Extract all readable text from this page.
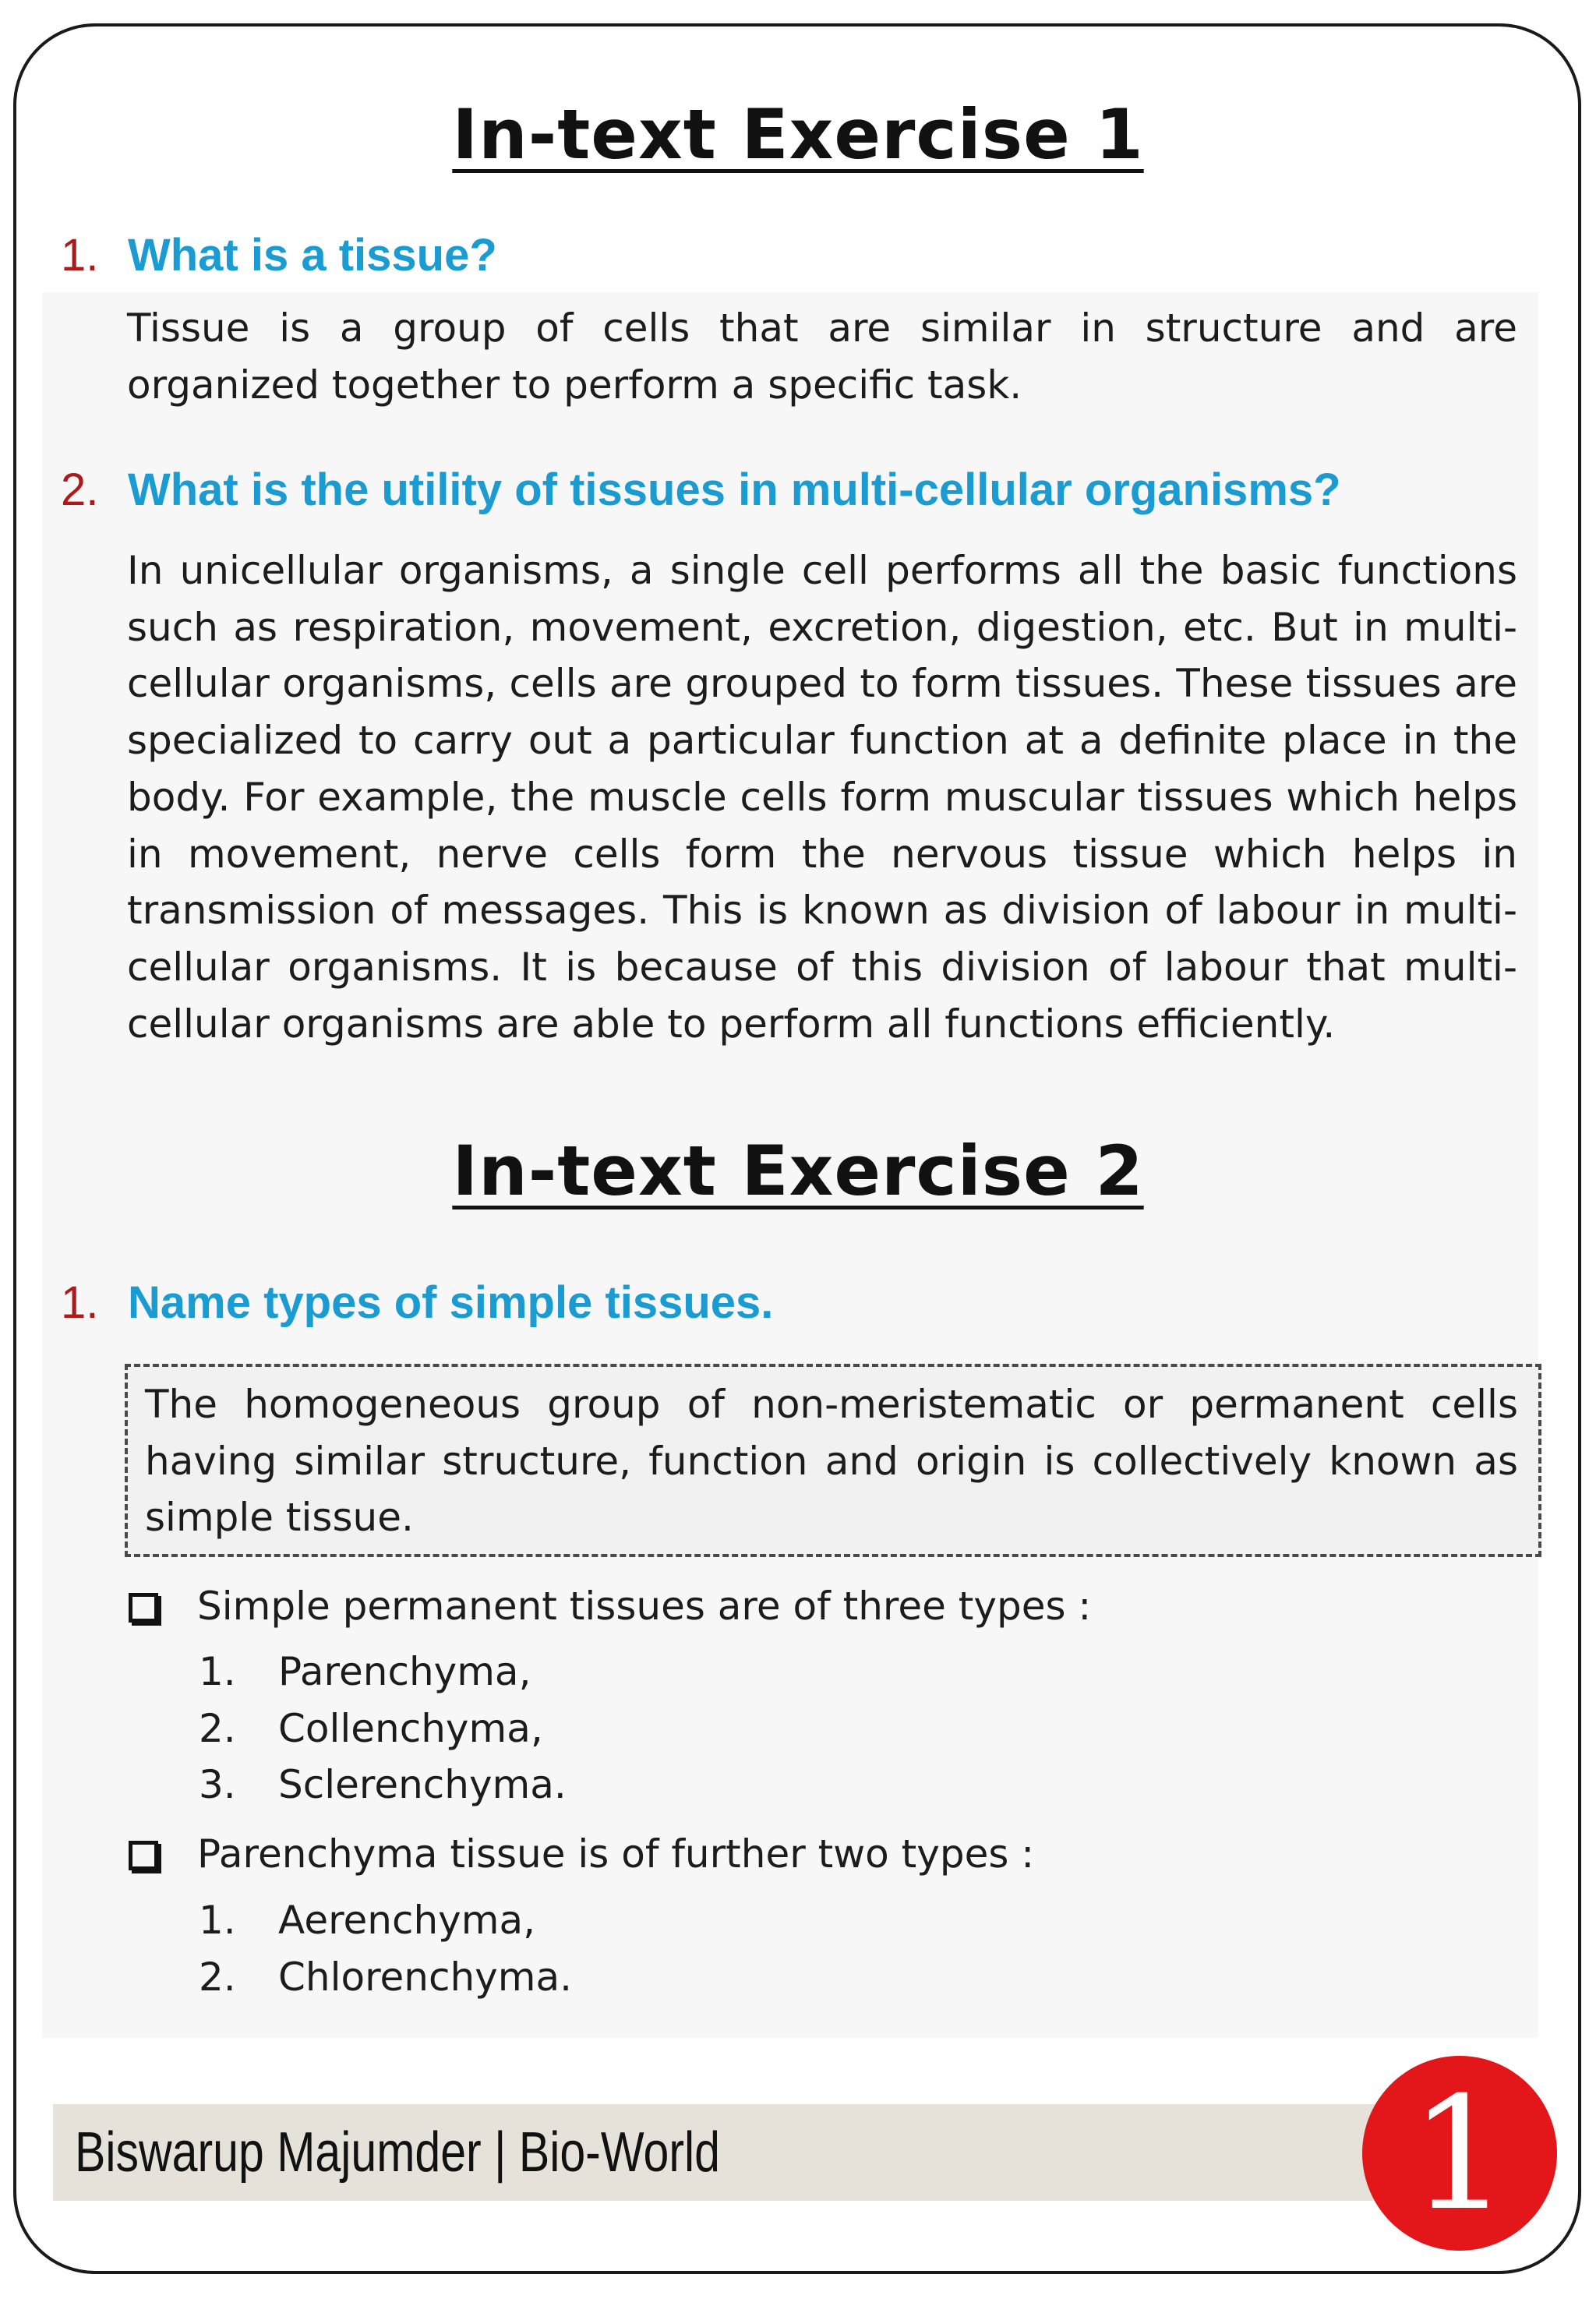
In-text Exercise 1
1. What is a tissue?

Tissue is a group of cells that are similar in structure and are organized together to perform a specific task.

2. What is the utility of tissues in multi-cellular organisms?

In unicellular organisms, a single cell performs all the basic functions such as respiration, movement, excretion, digestion, etc. But in multi-cellular organisms, cells are grouped to form tissues. These tissues are specialized to carry out a particular function at a definite place in the body. For example, the muscle cells form muscular tissues which helps in movement, nerve cells form the nervous tissue which helps in transmission of messages. This is known as division of labour in multi-cellular organisms. It is because of this division of labour that multi-cellular organisms are able to perform all functions efficiently.

In-text Exercise 2
1. Name types of simple tissues.

The homogeneous group of non-meristematic or permanent cells having similar structure, function and origin is collectively known as simple tissue.

Simple permanent tissues are of three types :
1. Parenchyma,
2. Collenchyma,
3. Sclerenchyma.
Parenchyma tissue is of further two types :
1. Aerenchyma,
2. Chlorenchyma.
Biswarup Majumder | Bio-World	1
